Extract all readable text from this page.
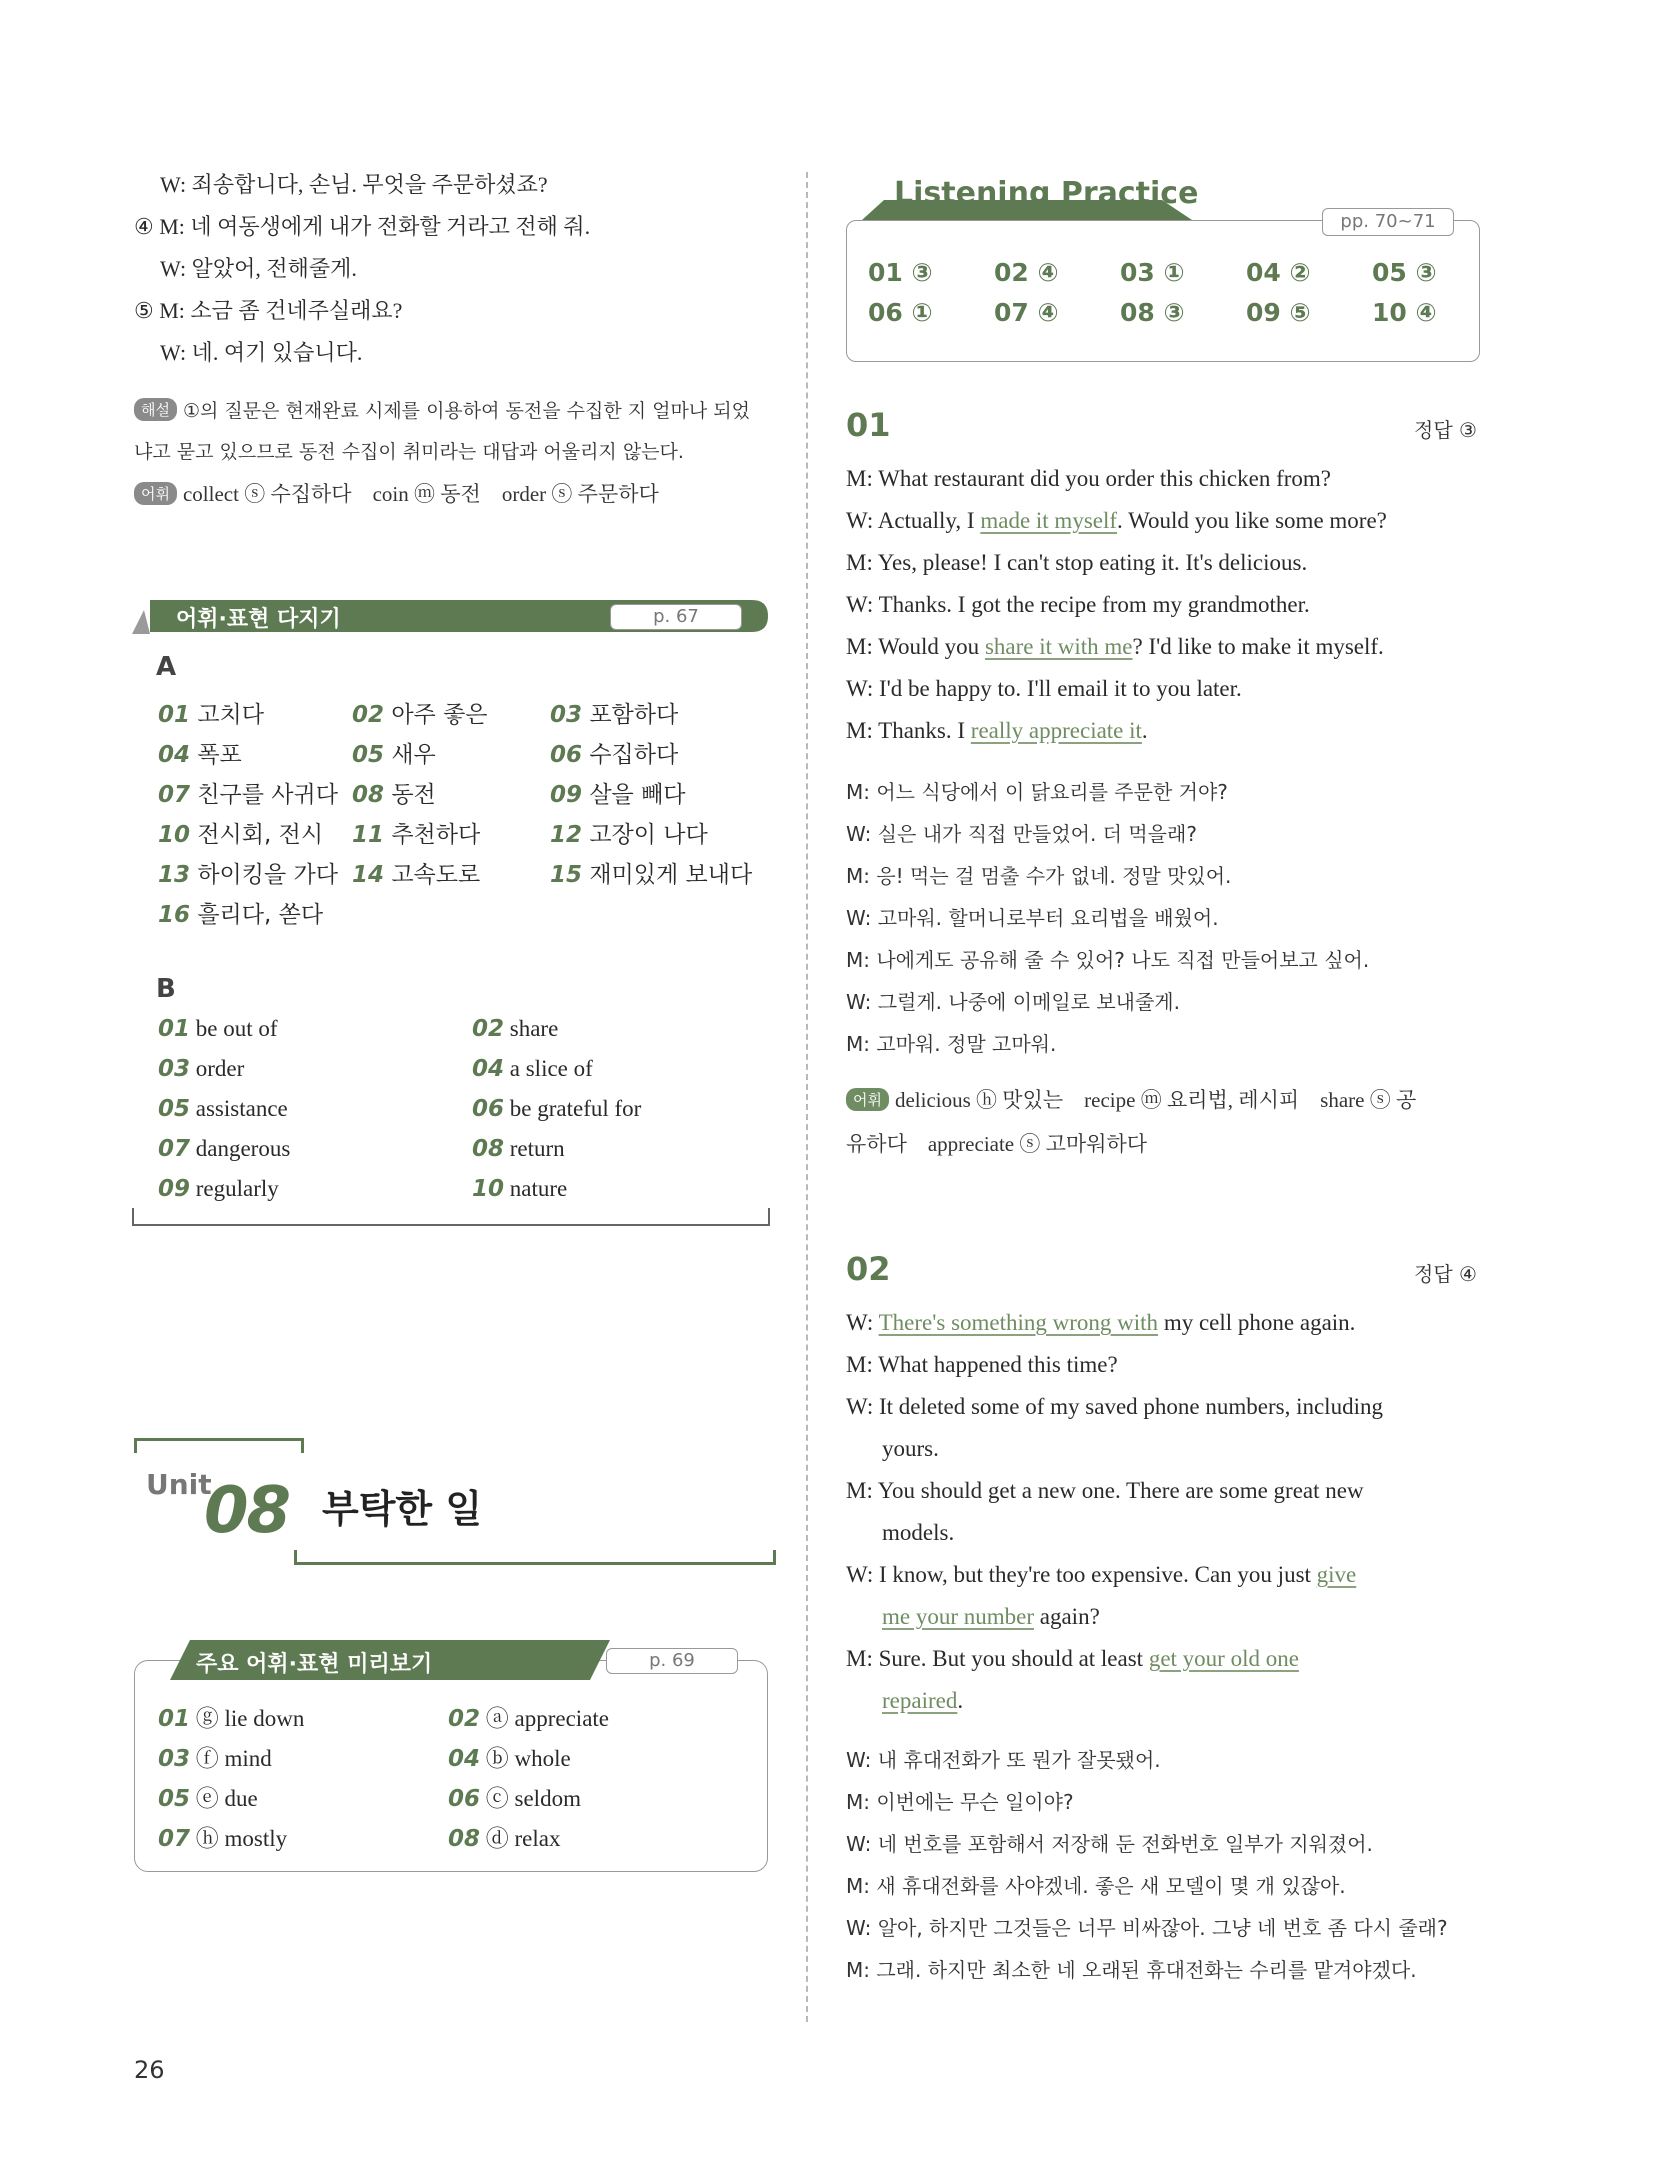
W: 죄송합니다, 손님. 무엇을 주문하셨죠?
④ M: 네 여동생에게 내가 전화할 거라고 전해 줘.
W: 알았어, 전해줄게.
⑤ M: 소금 좀 건네주실래요?
W: 네. 여기 있습니다.
해설 ①의 질문은 현재완료 시제를 이용하여 동전을 수집한 지 얼마나 되었
냐고 묻고 있으므로 동전 수집이 취미라는 대답과 어울리지 않는다.
어휘 collect ⓢ 수집하다    coin ⓜ 동전    order ⓢ 주문하다
어휘·표현 다지기	p. 67
A
01 고치다	02 아주 좋은	03 포함하다
04 폭포	05 새우	06 수집하다
07 친구를 사귀다 08 동전	09 살을 빼다
10 전시회, 전시 11 추천하다	12 고장이 나다
13 하이킹을 가다 14 고속도로	15 재미있게 보내다
16 흘리다, 쏟다
B
01 be out of	02 share
03 order	04 a slice of
05 assistance	06 be grateful for
07 dangerous	08 return
09 regularly	10 nature
Unit
08 부탁한 일
주요 어휘·표현 미리보기	p. 69
01 ⓖ lie down	02 ⓐ appreciate
03 ⓕ mind	04 ⓑ whole
05 ⓔ due	06 ⓒ seldom
07 ⓗ mostly	08 ⓓ relax
26
Listening Practice
pp. 70~71
01 ③ 02 ④ 03 ① 04 ② 05 ③
06 ① 07 ④ 08 ③ 09 ⑤ 10 ④
01	정답 ③
M: What restaurant did you order this chicken from?
W: Actually, I made it myself. Would you like some more?
M: Yes, please! I can't stop eating it. It's delicious.
W: Thanks. I got the recipe from my grandmother.
M: Would you share it with me? I'd like to make it myself.
W: I'd be happy to. I'll email it to you later.
M: Thanks. I really appreciate it.
M: 어느 식당에서 이 닭요리를 주문한 거야?
W: 실은 내가 직접 만들었어. 더 먹을래?
M: 응! 먹는 걸 멈출 수가 없네. 정말 맛있어.
W: 고마워. 할머니로부터 요리법을 배웠어.
M: 나에게도 공유해 줄 수 있어? 나도 직접 만들어보고 싶어.
W: 그럴게. 나중에 이메일로 보내줄게.
M: 고마워. 정말 고마워.
어휘 delicious ⓗ 맛있는    recipe ⓜ 요리법, 레시피    share ⓢ 공
유하다    appreciate ⓢ 고마워하다
02	정답 ④
W: There's something wrong with my cell phone again.
M: What happened this time?
W: It deleted some of my saved phone numbers, including
yours.
M: You should get a new one. There are some great new
models.
W: I know, but they're too expensive. Can you just give
me your number again?
M: Sure. But you should at least get your old one
repaired.
W: 내 휴대전화가 또 뭔가 잘못됐어.
M: 이번에는 무슨 일이야?
W: 네 번호를 포함해서 저장해 둔 전화번호 일부가 지워졌어.
M: 새 휴대전화를 사야겠네. 좋은 새 모델이 몇 개 있잖아.
W: 알아, 하지만 그것들은 너무 비싸잖아. 그냥 네 번호 좀 다시 줄래?
M: 그래. 하지만 최소한 네 오래된 휴대전화는 수리를 맡겨야겠다.
